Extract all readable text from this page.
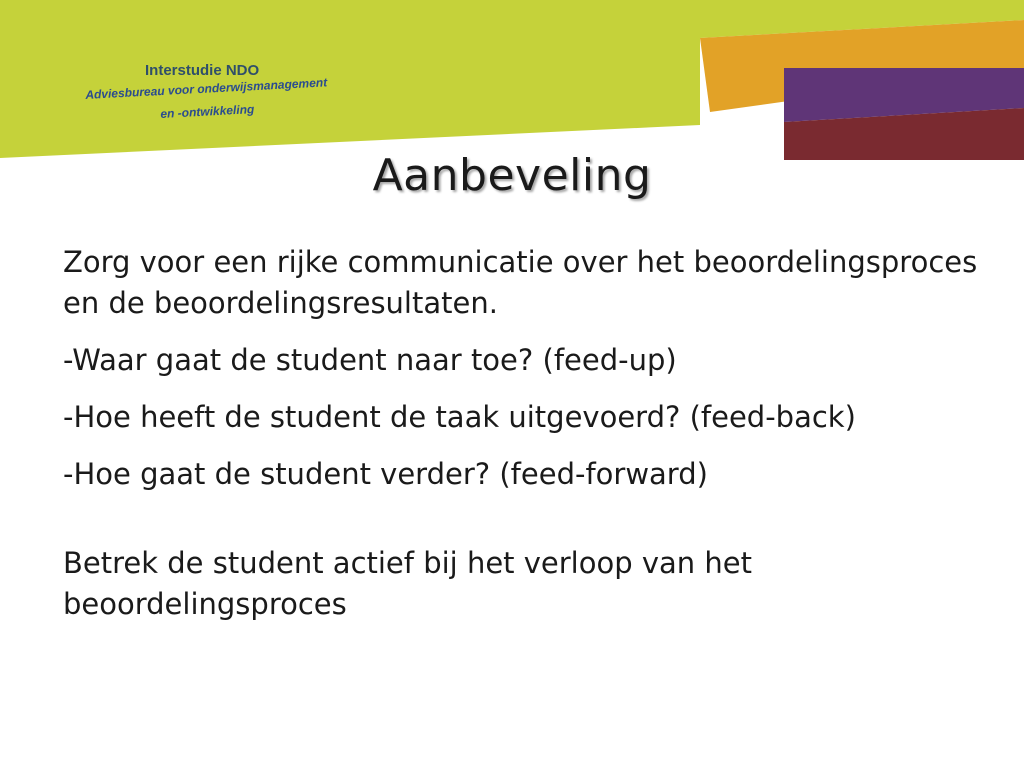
Interstudie NDO
Adviesbureau voor onderwijsmanagement
en -ontwikkeling
Aanbeveling

Zorg voor een rijke communicatie over het beoordelingsproces en de beoordelingsresultaten.

-Waar gaat de student naar toe? (feed-up)

-Hoe heeft de student de taak uitgevoerd? (feed-back)

-Hoe gaat de student verder? (feed-forward)

Betrek de student actief bij het verloop van het beoordelingsproces
